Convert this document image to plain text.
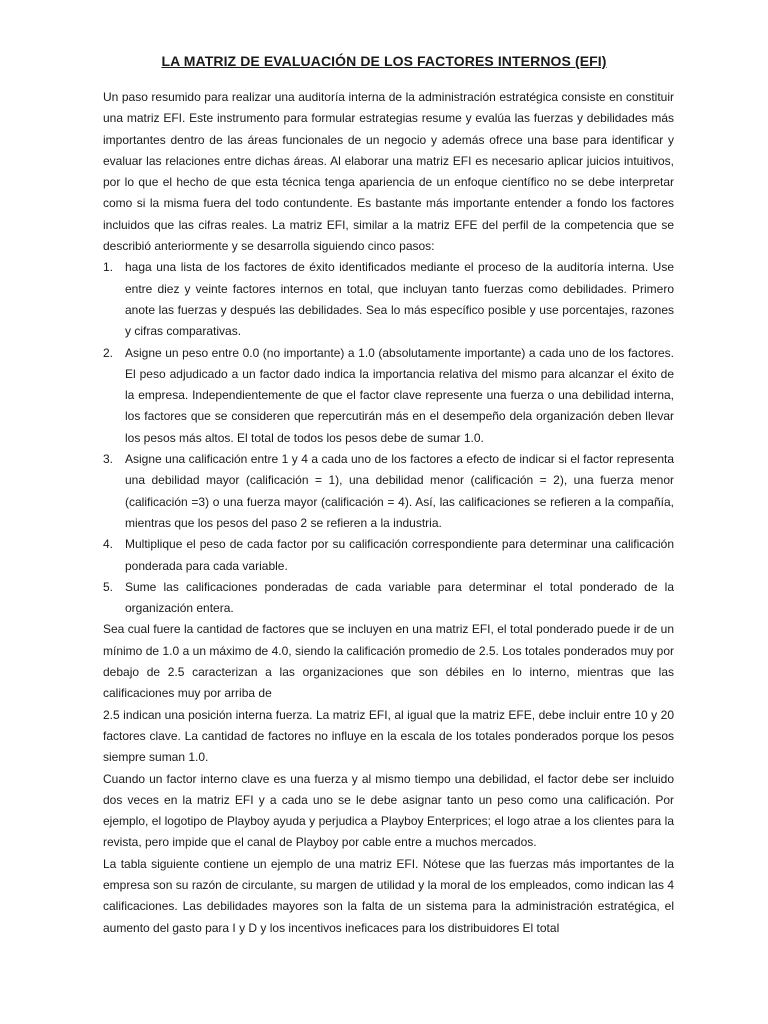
LA MATRIZ DE EVALUACIÓN DE LOS FACTORES INTERNOS (EFI)

Un paso resumido para realizar una auditoría interna de la administración estratégica consiste en constituir una matriz EFI. Este instrumento para formular estrategias resume y evalúa las fuerzas y debilidades más importantes dentro de las áreas funcionales de un negocio y además ofrece una base para identificar y evaluar las relaciones entre dichas áreas. Al elaborar una matriz EFI es necesario aplicar juicios intuitivos, por lo que el hecho de que esta técnica tenga apariencia de un enfoque científico no se debe interpretar como si la misma fuera del todo contundente. Es bastante más importante entender a fondo los factores incluidos que las cifras reales. La matriz EFI, similar a la matriz EFE del perfil de la competencia que se describió anteriormente y se desarrolla siguiendo cinco pasos:

1. haga una lista de los factores de éxito identificados mediante el proceso de la auditoría interna. Use entre diez y veinte factores internos en total, que incluyan tanto fuerzas como debilidades. Primero anote las fuerzas y después las debilidades. Sea lo más específico posible y use porcentajes, razones y cifras comparativas.
2. Asigne un peso entre 0.0 (no importante) a 1.0 (absolutamente importante) a cada uno de los factores. El peso adjudicado a un factor dado indica la importancia relativa del mismo para alcanzar el éxito de la empresa. Independientemente de que el factor clave represente una fuerza o una debilidad interna, los factores que se consideren que repercutirán más en el desempeño dela organización deben llevar los pesos más altos. El total de todos los pesos debe de sumar 1.0.
3. Asigne una calificación entre 1 y 4 a cada uno de los factores a efecto de indicar si el factor representa una debilidad mayor (calificación = 1), una debilidad menor (calificación = 2), una fuerza menor (calificación =3) o una fuerza mayor (calificación = 4). Así, las calificaciones se refieren a la compañía, mientras que los pesos del paso 2 se refieren a la industria.
4. Multiplique el peso de cada factor por su calificación correspondiente para determinar una calificación ponderada para cada variable.
5. Sume las calificaciones ponderadas de cada variable para determinar el total ponderado de la organización entera.

Sea cual fuere la cantidad de factores que se incluyen en una matriz EFI, el total ponderado puede ir de un mínimo de 1.0 a un máximo de 4.0, siendo la calificación promedio de 2.5. Los totales ponderados muy por debajo de 2.5 caracterizan a las organizaciones que son débiles en lo interno, mientras que las calificaciones muy por arriba de

2.5 indican una posición interna fuerza. La matriz EFI, al igual que la matriz EFE, debe incluir entre 10 y 20 factores clave. La cantidad de factores no influye en la escala de los totales ponderados porque los pesos siempre suman 1.0.

Cuando un factor interno clave es una fuerza y al mismo tiempo una debilidad, el factor debe ser incluido dos veces en la matriz EFI y a cada uno se le debe asignar tanto un peso como una calificación. Por ejemplo, el logotipo de Playboy ayuda y perjudica a Playboy Enterprices; el logo atrae a los clientes para la revista, pero impide que el canal de Playboy por cable entre a muchos mercados.

La tabla siguiente contiene un ejemplo de una matriz EFI. Nótese que las fuerzas más importantes de la empresa son su razón de circulante, su margen de utilidad y la moral de los empleados, como indican las 4 calificaciones. Las debilidades mayores son la falta de un sistema para la administración estratégica, el aumento del gasto para I y D y los incentivos ineficaces para los distribuidores El total
